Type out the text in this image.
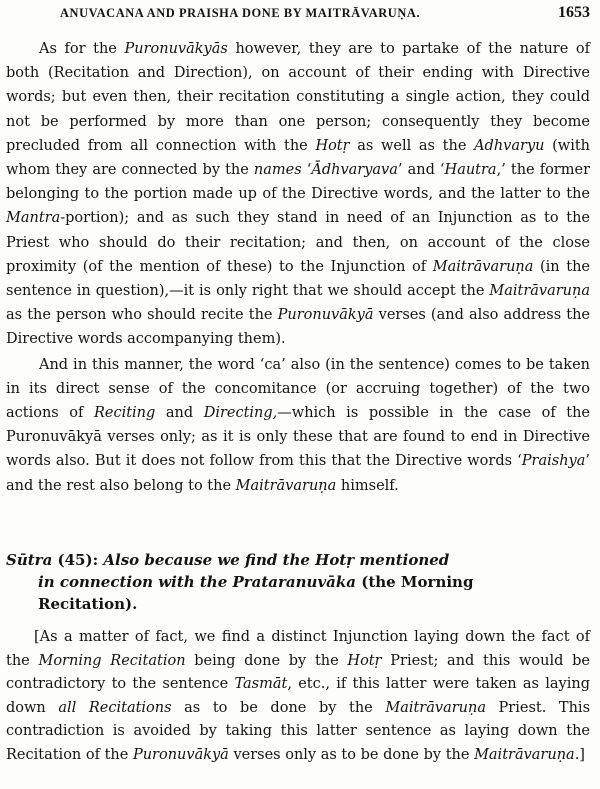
ANUVACANA AND PRAISHA DONE BY MAITRĀVARUṆA.	1653

As for the Puronuvākyās however, they are to partake of the nature of both (Recitation and Direction), on account of their ending with Directive words; but even then, their recitation constituting a single action, they could not be performed by more than one person; consequently they become precluded from all connection with the Hotṛ as well as the Adhvaryu (with whom they are connected by the names ‘Ādhvaryava’ and ‘Hautra,’ the former belonging to the portion made up of the Directive words, and the latter to the Mantra-portion); and as such they stand in need of an Injunction as to the Priest who should do their recitation; and then, on account of the close proximity (of the mention of these) to the Injunction of Maitrāvaruṇa (in the sentence in question),—it is only right that we should accept the Maitrāvaruṇa as the person who should recite the Puronuvākyā verses (and also address the Directive words accompanying them).

And in this manner, the word ‘ca’ also (in the sentence) comes to be taken in its direct sense of the concomitance (or accruing together) of the two actions of Reciting and Directing,—which is possible in the case of the Puronuvākyā verses only; as it is only these that are found to end in Directive words also. But it does not follow from this that the Directive words ‘Praishya’ and the rest also belong to the Maitrāvaruṇa himself.

Sūtra (45): Also because we find the Hotṛ mentioned
in connection with the Prataranuvāka (the Morning
Recitation).

[As a matter of fact, we find a distinct Injunction laying down the fact of the Morning Recitation being done by the Hotṛ Priest; and this would be contradictory to the sentence Tasmāt, etc., if this latter were taken as laying down all Recitations as to be done by the Maitrāvaruṇa Priest. This contradiction is avoided by taking this latter sentence as laying down the Recitation of the Puronuvākyā verses only as to be done by the Maitrāvaruṇa.]
